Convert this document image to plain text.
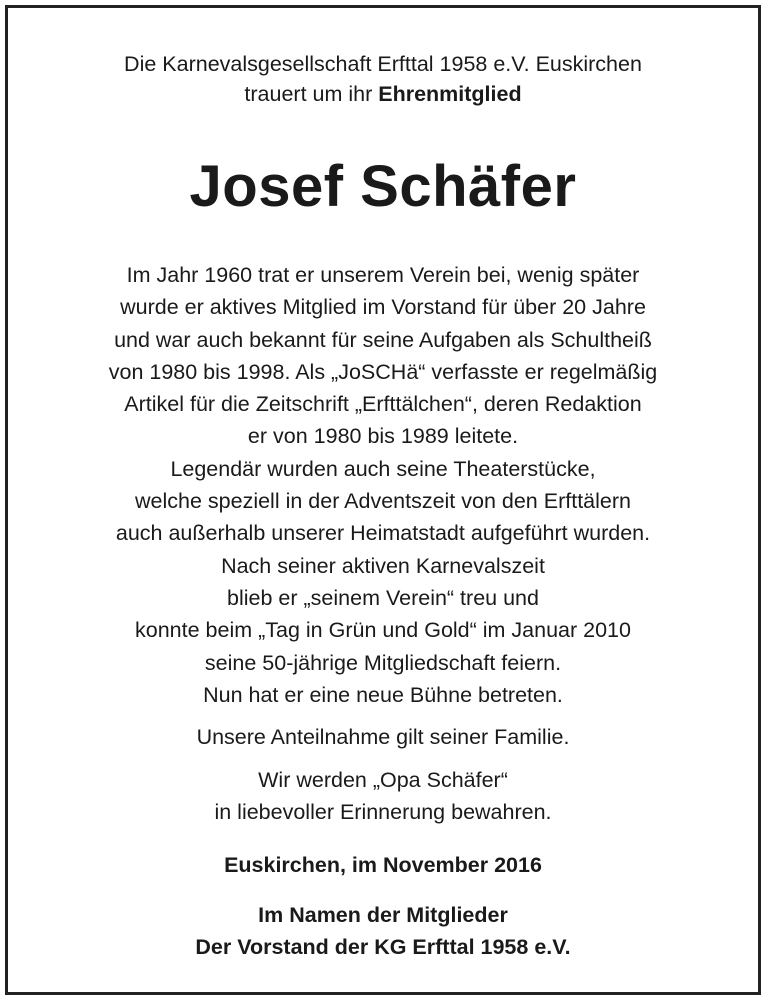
Die Karnevalsgesellschaft Erfttal 1958 e.V. Euskirchen
trauert um ihr Ehrenmitglied
Josef Schäfer
Im Jahr 1960 trat er unserem Verein bei, wenig später
wurde er aktives Mitglied im Vorstand für über 20 Jahre
und war auch bekannt für seine Aufgaben als Schultheiß
von 1980 bis 1998. Als „JoSCHä“ verfasste er regelmäßig
Artikel für die Zeitschrift „Erfttälchen“, deren Redaktion
er von 1980 bis 1989 leitete.
Legendär wurden auch seine Theaterstücke,
welche speziell in der Adventszeit von den Erfttälern
auch außerhalb unserer Heimatstadt aufgeführt wurden.
Nach seiner aktiven Karnevalszeit
blieb er „seinem Verein“ treu und
konnte beim „Tag in Grün und Gold“ im Januar 2010
seine 50-jährige Mitgliedschaft feiern.
Nun hat er eine neue Bühne betreten.
Unsere Anteilnahme gilt seiner Familie.
Wir werden „Opa Schäfer“
in liebevoller Erinnerung bewahren.
Euskirchen, im November 2016
Im Namen der Mitglieder
Der Vorstand der KG Erfttal 1958 e.V.
